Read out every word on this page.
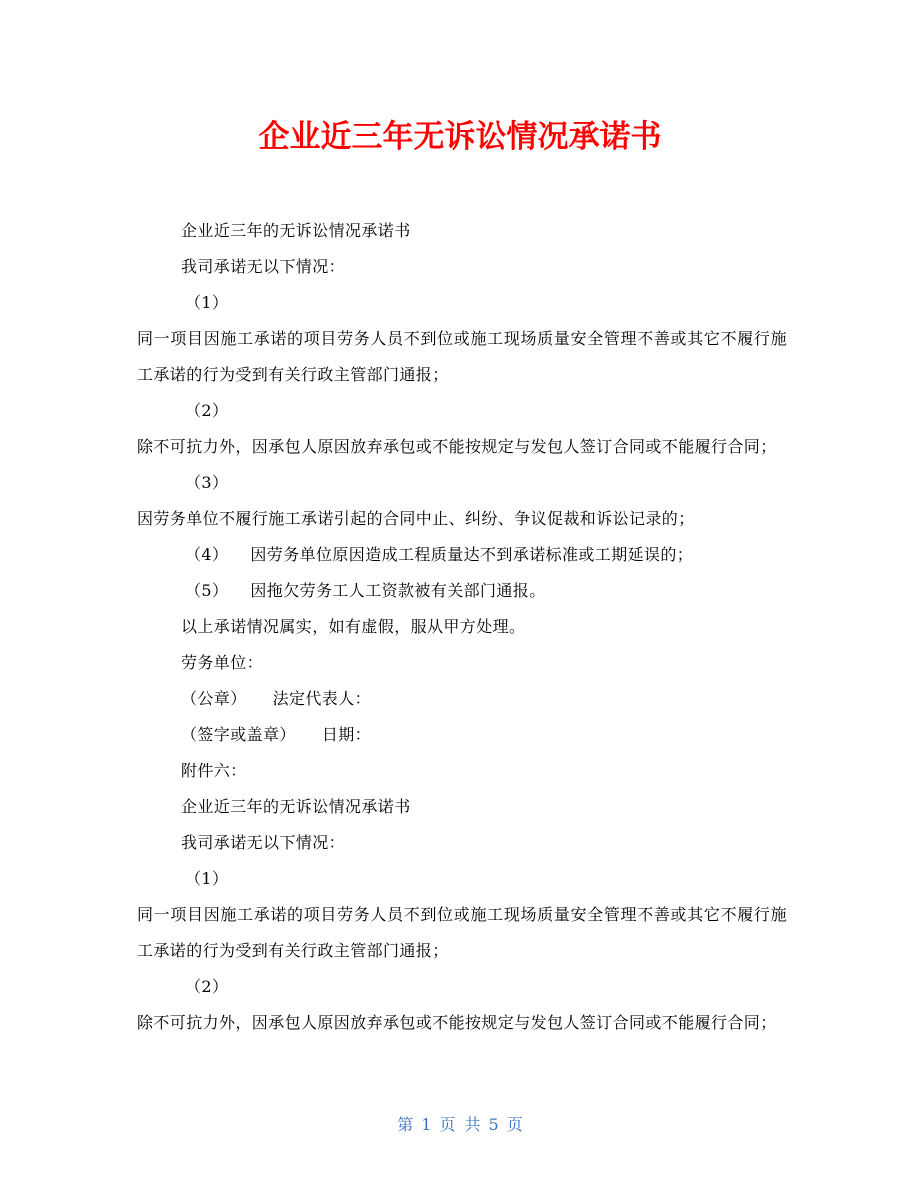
企业近三年无诉讼情况承诺书

企业近三年的无诉讼情况承诺书

我司承诺无以下情况：

（1）

同一项目因施工承诺的项目劳务人员不到位或施工现场质量安全管理不善或其它不履行施工承诺的行为受到有关行政主管部门通报；

（2）

除不可抗力外，因承包人原因放弃承包或不能按规定与发包人签订合同或不能履行合同；

（3）

因劳务单位不履行施工承诺引起的合同中止、纠纷、争议促裁和诉讼记录的；

（4） 因劳务单位原因造成工程质量达不到承诺标准或工期延误的；

（5） 因拖欠劳务工人工资款被有关部门通报。

以上承诺情况属实，如有虚假，服从甲方处理。

劳务单位：

（公章） 法定代表人：

（签字或盖章） 日期：

附件六：

企业近三年的无诉讼情况承诺书

我司承诺无以下情况：

（1）

同一项目因施工承诺的项目劳务人员不到位或施工现场质量安全管理不善或其它不履行施工承诺的行为受到有关行政主管部门通报；

（2）

除不可抗力外，因承包人原因放弃承包或不能按规定与发包人签订合同或不能履行合同；

第 1 页 共 5 页
